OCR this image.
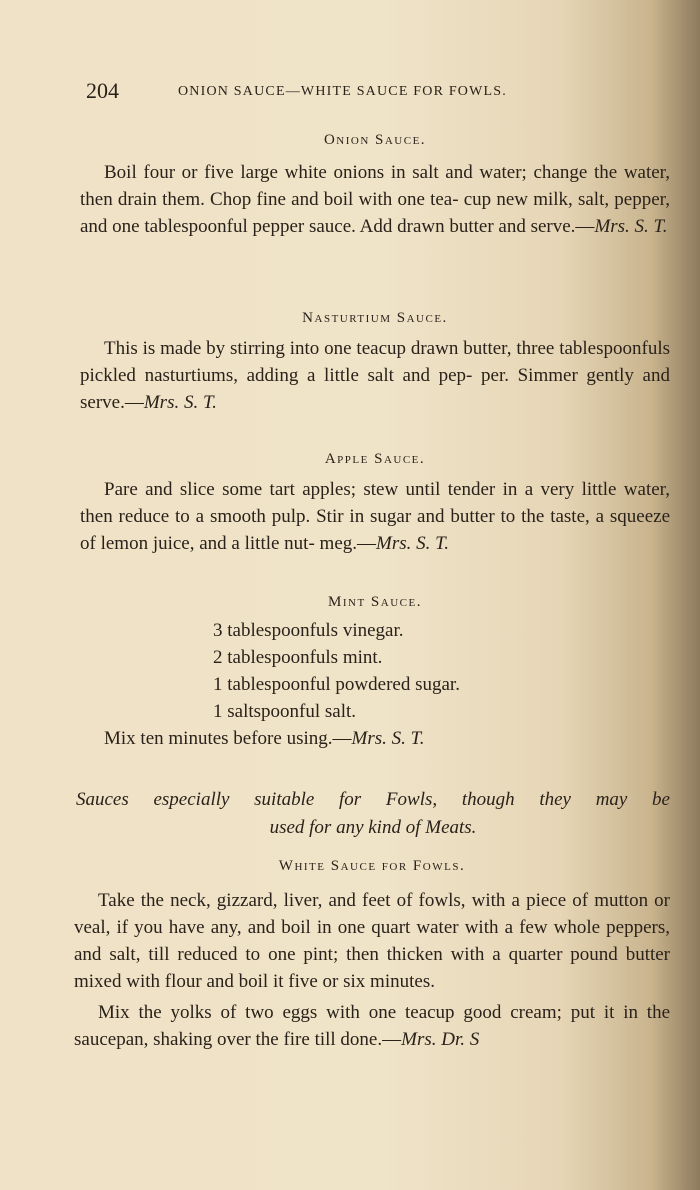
204	ONION SAUCE—WHITE SAUCE FOR FOWLS.

Onion Sauce.

Boil four or five large white onions in salt and water; change the water, then drain them. Chop fine and boil with one tea- cup new milk, salt, pepper, and one tablespoonful pepper sauce. Add drawn butter and serve.—Mrs. S. T.

Nasturtium Sauce.

This is made by stirring into one teacup drawn butter, three tablespoonfuls pickled nasturtiums, adding a little salt and pep- per. Simmer gently and serve.—Mrs. S. T.

Apple Sauce.

Pare and slice some tart apples; stew until tender in a very little water, then reduce to a smooth pulp. Stir in sugar and butter to the taste, a squeeze of lemon juice, and a little nut- meg.—Mrs. S. T.

Mint Sauce.

3 tablespoonfuls vinegar.
2 tablespoonfuls mint.
1 tablespoonful powdered sugar.
1 saltspoonful salt.

Mix ten minutes before using.—Mrs. S. T.

Sauces especially suitable for Fowls, though they may be

used for any kind of Meats.

White Sauce for Fowls.

Take the neck, gizzard, liver, and feet of fowls, with a piece of mutton or veal, if you have any, and boil in one quart water with a few whole peppers, and salt, till reduced to one pint; then thicken with a quarter pound butter mixed with flour and boil it five or six minutes.

Mix the yolks of two eggs with one teacup good cream; put it in the saucepan, shaking over the fire till done.—Mrs. Dr. S
